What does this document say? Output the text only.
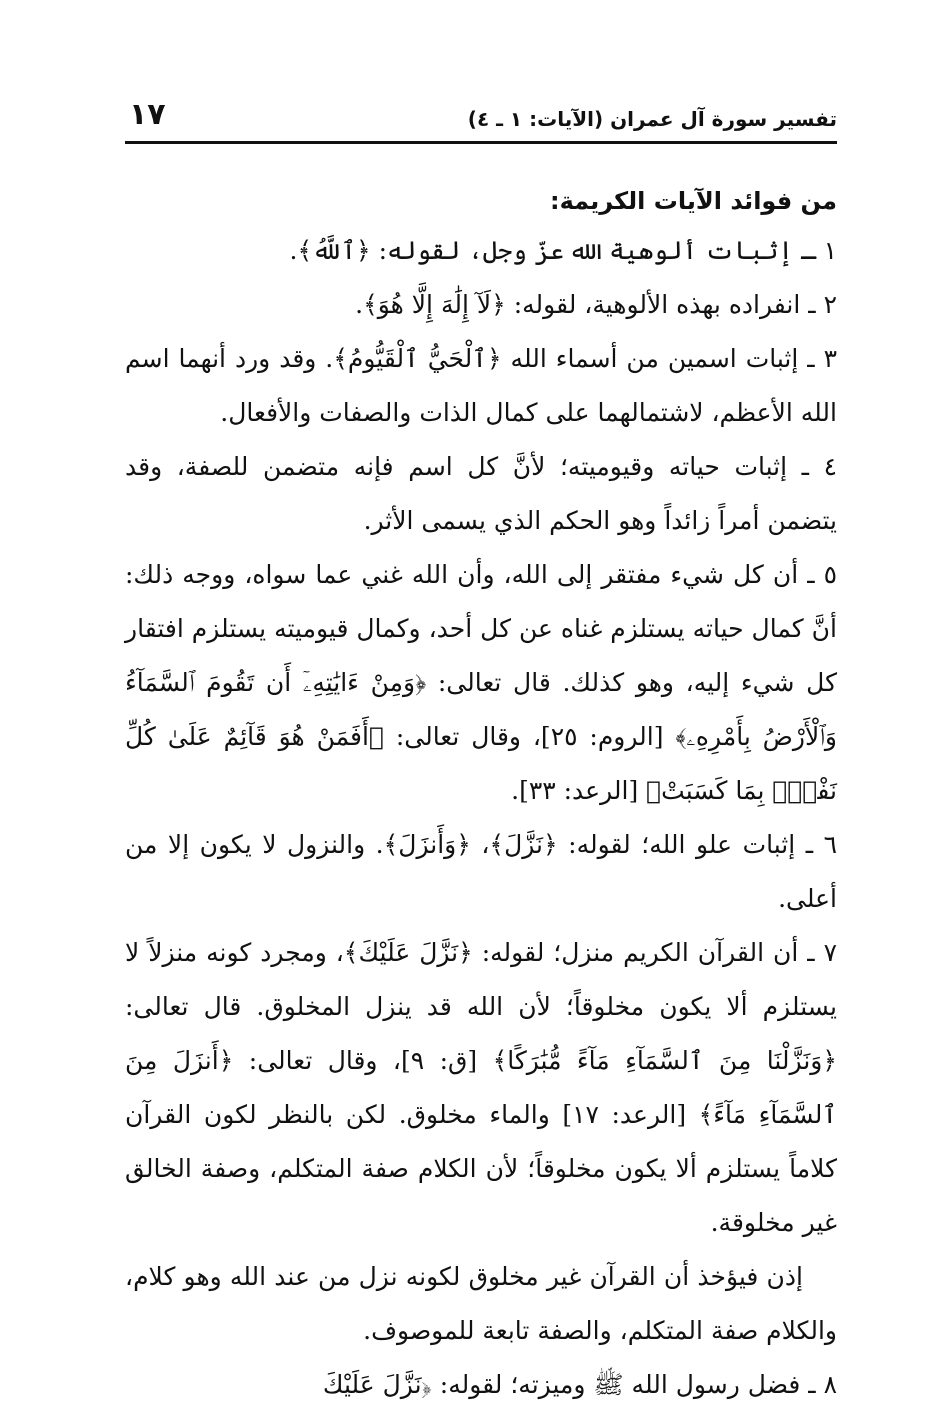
تفسير سورة آل عمران (الآيات: ١ ـ ٤)
١٧
من فوائد الآيات الكريمة:

١ ـ إثبات ألوهية الله عزّ وجل، لقوله: ﴿ٱللَّهُ﴾.

٢ ـ انفراده بهذه الألوهية، لقوله: ﴿لَآ إِلَٰهَ إِلَّا هُوَ﴾.

٣ ـ إثبات اسمين من أسماء الله ﴿ٱلْحَيُّ ٱلْقَيُّومُ﴾. وقد ورد أنهما اسم الله الأعظم، لاشتمالهما على كمال الذات والصفات والأفعال.

٤ ـ إثبات حياته وقيوميته؛ لأنَّ كل اسم فإنه متضمن للصفة، وقد يتضمن أمراً زائداً وهو الحكم الذي يسمى الأثر.

٥ ـ أن كل شيء مفتقر إلى الله، وأن الله غني عما سواه، ووجه ذلك: أنَّ كمال حياته يستلزم غناه عن كل أحد، وكمال قيوميته يستلزم افتقار كل شيء إليه، وهو كذلك. قال تعالى: ﴿وَمِنْ ءَايَٰتِهِۦٓ أَن تَقُومَ ٱلسَّمَآءُ وَٱلْأَرْضُ بِأَمْرِهِۦ﴾ [الروم: ٢٥]، وقال تعالى: ﴿أَفَمَنْ هُوَ قَآئِمٌ عَلَىٰ كُلِّ نَفْسٍۭ بِمَا كَسَبَتْ﴾ [الرعد: ٣٣].

٦ ـ إثبات علو الله؛ لقوله: ﴿نَزَّلَ﴾، ﴿وَأَنزَلَ﴾. والنزول لا يكون إلا من أعلى.

٧ ـ أن القرآن الكريم منزل؛ لقوله: ﴿نَزَّلَ عَلَيْكَ﴾، ومجرد كونه منزلاً لا يستلزم ألا يكون مخلوقاً؛ لأن الله قد ينزل المخلوق. قال تعالى: ﴿وَنَزَّلْنَا مِنَ ٱلسَّمَآءِ مَآءً مُّبَٰرَكًا﴾ [ق: ٩]، وقال تعالى: ﴿أَنزَلَ مِنَ ٱلسَّمَآءِ مَآءً﴾ [الرعد: ١٧] والماء مخلوق. لكن بالنظر لكون القرآن كلاماً يستلزم ألا يكون مخلوقاً؛ لأن الكلام صفة المتكلم، وصفة الخالق غير مخلوقة.

إذن فيؤخذ أن القرآن غير مخلوق لكونه نزل من عند الله وهو كلام، والكلام صفة المتكلم، والصفة تابعة للموصوف.

٨ ـ فضل رسول الله ﷺ وميزته؛ لقوله: ﴿نَزَّلَ عَلَيْكَ
